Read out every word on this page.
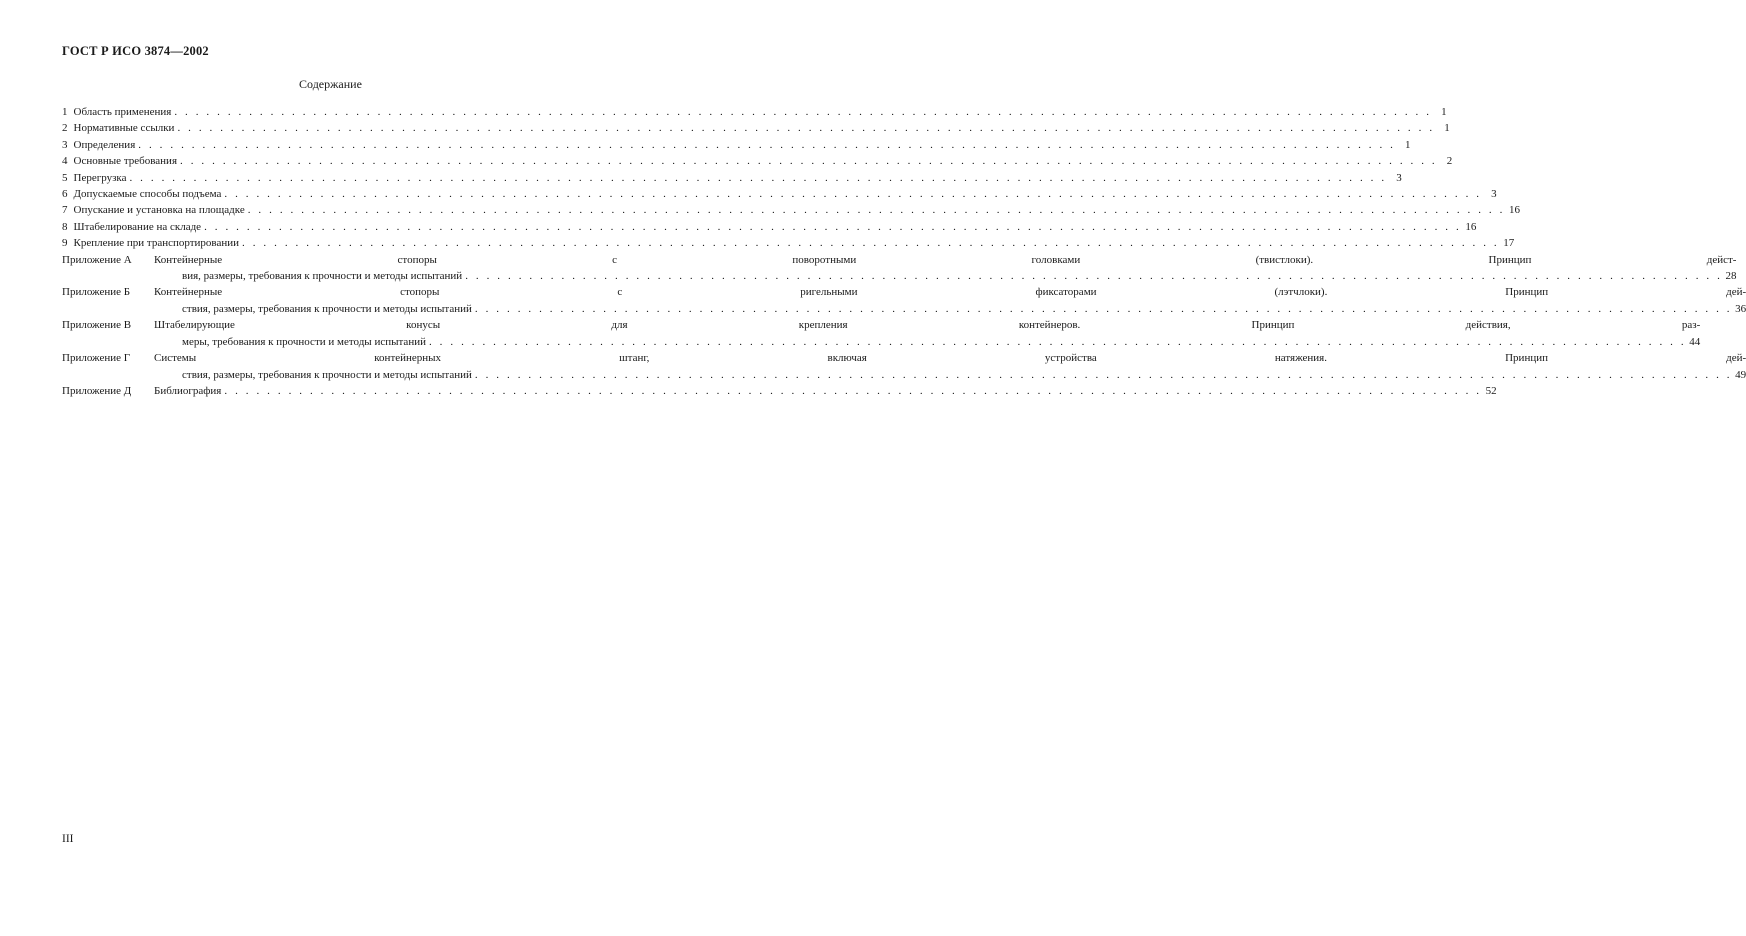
ГОСТ Р ИСО 3874—2002
Содержание
1 Область применения . . .	1
2 Нормативные ссылки . . .	1
3 Определения . . .	1
4 Основные требования . . .	2
5 Перегрузка . . .	3
6 Допускаемые способы подъема . . .	3
7 Опускание и установка на площадке . . .	16
8 Штабелирование на складе . . .	16
9 Крепление при транспортировании . . .	17
Приложение А	Контейнерные стопоры с поворотными головками (твистлоки). Принцип дейст-
вия, размеры, требования к прочности и методы испытаний . . .	28
Приложение Б	Контейнерные стопоры с ригельными фиксаторами (лэтчлоки). Принцип дей-
ствия, размеры, требования к прочности и методы испытаний . . .	36
Приложение В	Штабелирующие конусы для крепления контейнеров. Принцип действия, раз-
меры, требования к прочности и методы испытаний . . .	44
Приложение Г	Системы контейнерных штанг, включая устройства натяжения. Принцип дей-
ствия, размеры, требования к прочности и методы испытаний . . .	49
Приложение Д	Библиография . . .	52
III
